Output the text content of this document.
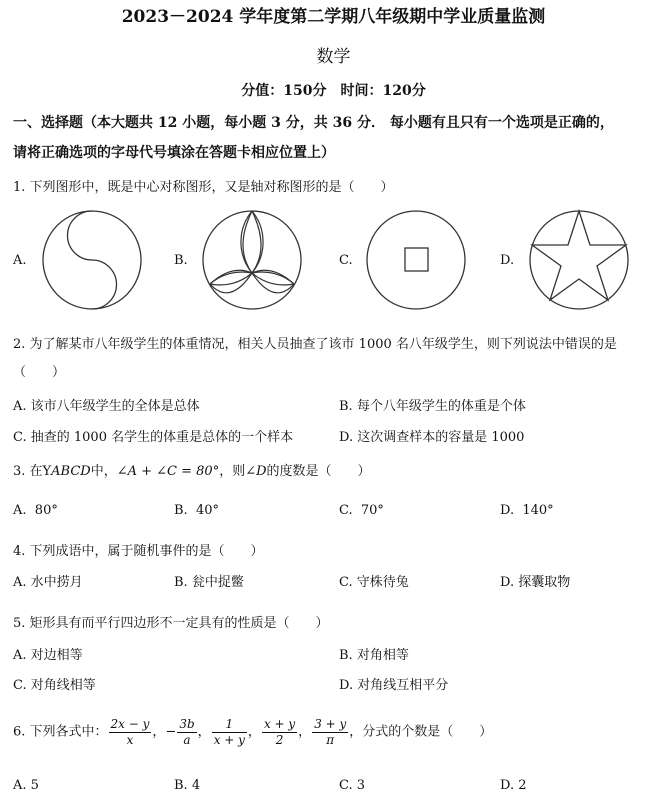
2023－2024 学年度第二学期八年级期中学业质量监测
数学
分值：150分　时间：120分
一、选择题（本大题共 12 小题，每小题 3 分，共 36 分． 每小题有且只有一个选项是正确的，
请将正确选项的字母代号填涂在答题卡相应位置上）
1. 下列图形中，既是中心对称图形，又是轴对称图形的是（　　）
A.	B.	C.	D.
2. 为了解某市八年级学生的体重情况，相关人员抽查了该市 1000 名八年级学生，则下列说法中错误的是
（　　）
A. 该市八年级学生的全体是总体	B. 每个八年级学生的体重是个体
C. 抽查的 1000 名学生的体重是总体的一个样本	D. 这次调查样本的容量是 1000
3. 在YABCD中，∠A + ∠C = 80°，则∠D的度数是（　　）
A. 80°	B. 40°	C. 70°	D. 140°
4. 下列成语中，属于随机事件的是（　　）
A. 水中捞月	B. 瓮中捉鳖	C. 守株待兔	D. 探囊取物
5. 矩形具有而平行四边形不一定具有的性质是（　　）
A. 对边相等	B. 对角相等
C. 对角线相等	D. 对角线互相平分
6. 下列各式中： $\frac{2x - y}{x}$ ，− $\frac{3b}{a}$ ， $\frac{1}{x + y}$ ， $\frac{x + y}{2}$ ， $\frac{3 + y}{\pi}$ ，分式的个数是（　　）
A. 5	B. 4	C. 3	D. 2
